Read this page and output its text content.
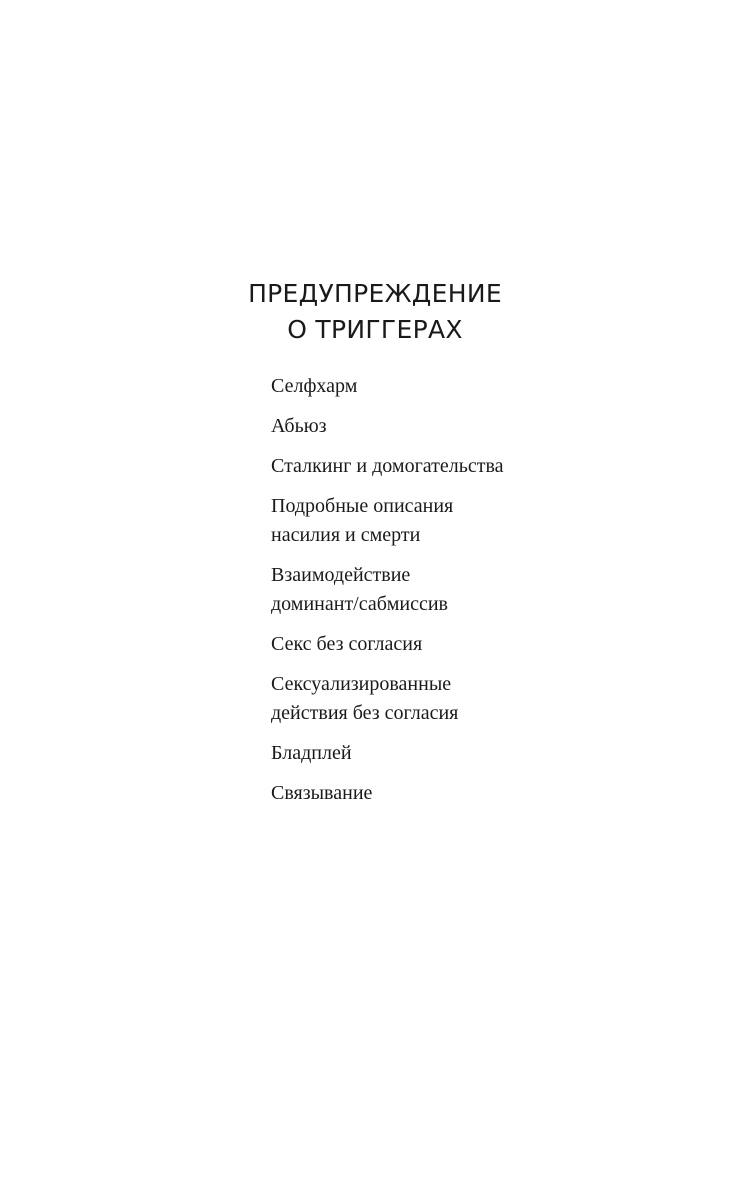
ПРЕДУПРЕЖДЕНИЕ
О ТРИГГЕРАХ
Селфхарм
Абьюз
Сталкинг и домогательства
Подробные описания
насилия и смерти
Взаимодействие
доминант/сабмиссив
Секс без согласия
Сексуализированные
действия без согласия
Бладплей
Связывание
